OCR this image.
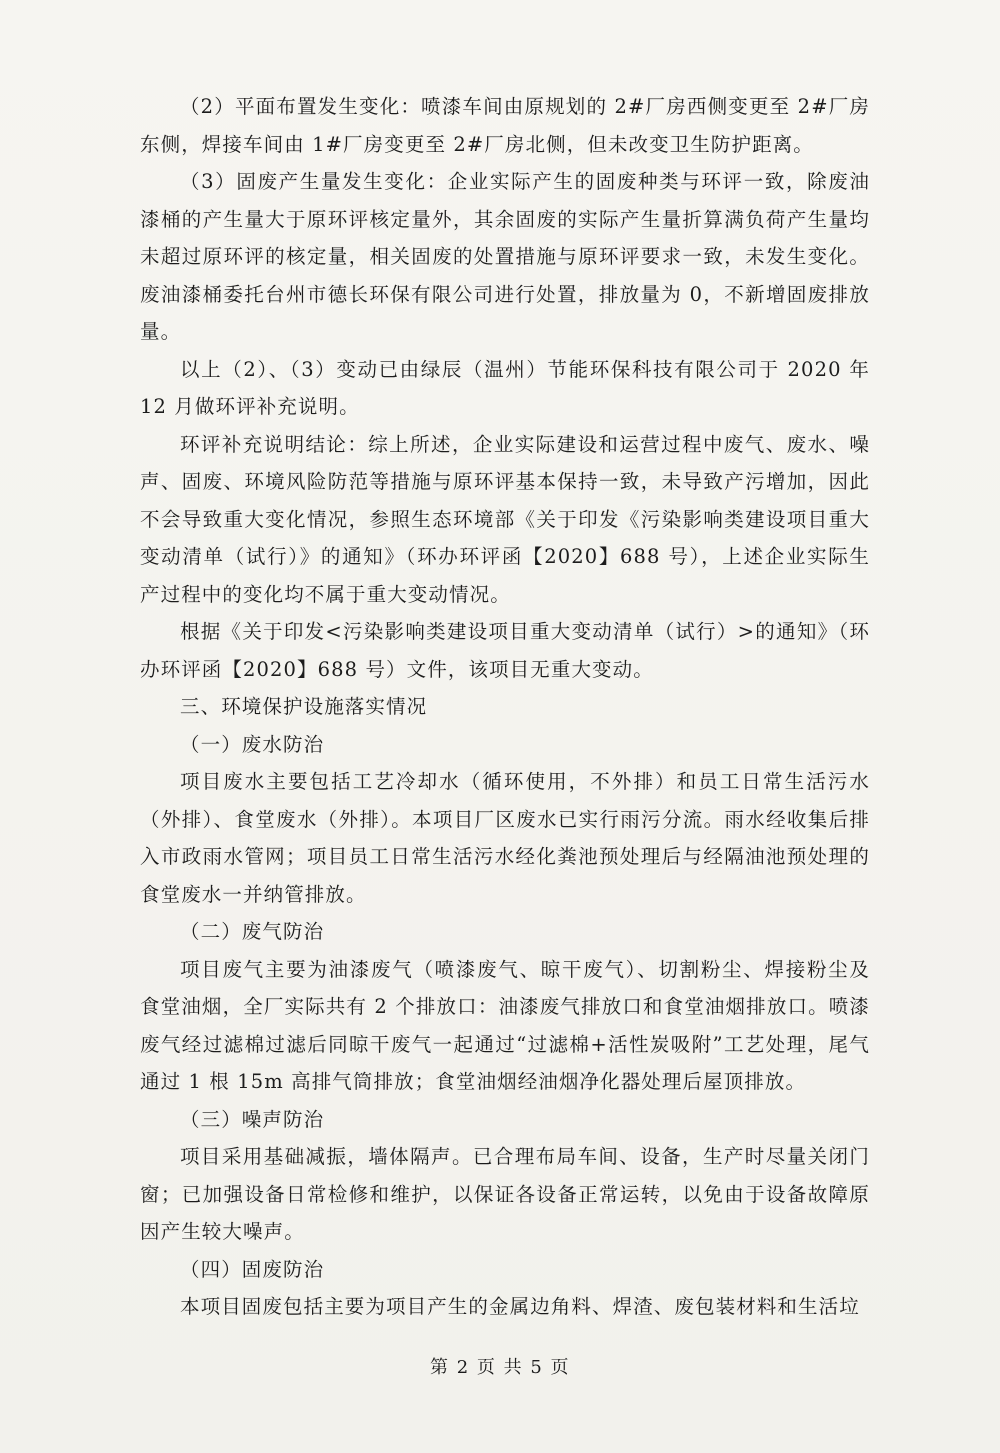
（2）平面布置发生变化：喷漆车间由原规划的 2#厂房西侧变更至 2#厂房东侧，焊接车间由 1#厂房变更至 2#厂房北侧，但未改变卫生防护距离。

（3）固废产生量发生变化：企业实际产生的固废种类与环评一致，除废油漆桶的产生量大于原环评核定量外，其余固废的实际产生量折算满负荷产生量均未超过原环评的核定量，相关固废的处置措施与原环评要求一致，未发生变化。废油漆桶委托台州市德长环保有限公司进行处置，排放量为 0，不新增固废排放量。

以上（2）、（3）变动已由绿辰（温州）节能环保科技有限公司于 2020 年 12 月做环评补充说明。

环评补充说明结论：综上所述，企业实际建设和运营过程中废气、废水、噪声、固废、环境风险防范等措施与原环评基本保持一致，未导致产污增加，因此不会导致重大变化情况，参照生态环境部《关于印发《污染影响类建设项目重大变动清单（试行）》的通知》（环办环评函【2020】688 号），上述企业实际生产过程中的变化均不属于重大变动情况。

根据《关于印发<污染影响类建设项目重大变动清单（试行）>的通知》（环办环评函【2020】688 号）文件，该项目无重大变动。

三、环境保护设施落实情况

（一）废水防治

项目废水主要包括工艺冷却水（循环使用，不外排）和员工日常生活污水（外排）、食堂废水（外排）。本项目厂区废水已实行雨污分流。雨水经收集后排入市政雨水管网；项目员工日常生活污水经化粪池预处理后与经隔油池预处理的食堂废水一并纳管排放。

（二）废气防治

项目废气主要为油漆废气（喷漆废气、晾干废气）、切割粉尘、焊接粉尘及食堂油烟，全厂实际共有 2 个排放口：油漆废气排放口和食堂油烟排放口。喷漆废气经过滤棉过滤后同晾干废气一起通过“过滤棉+活性炭吸附”工艺处理，尾气通过 1 根 15m 高排气筒排放；食堂油烟经油烟净化器处理后屋顶排放。

（三）噪声防治

项目采用基础减振，墙体隔声。已合理布局车间、设备，生产时尽量关闭门窗；已加强设备日常检修和维护，以保证各设备正常运转，以免由于设备故障原因产生较大噪声。

（四）固废防治

本项目固废包括主要为项目产生的金属边角料、焊渣、废包装材料和生活垃

第 2 页 共 5 页
